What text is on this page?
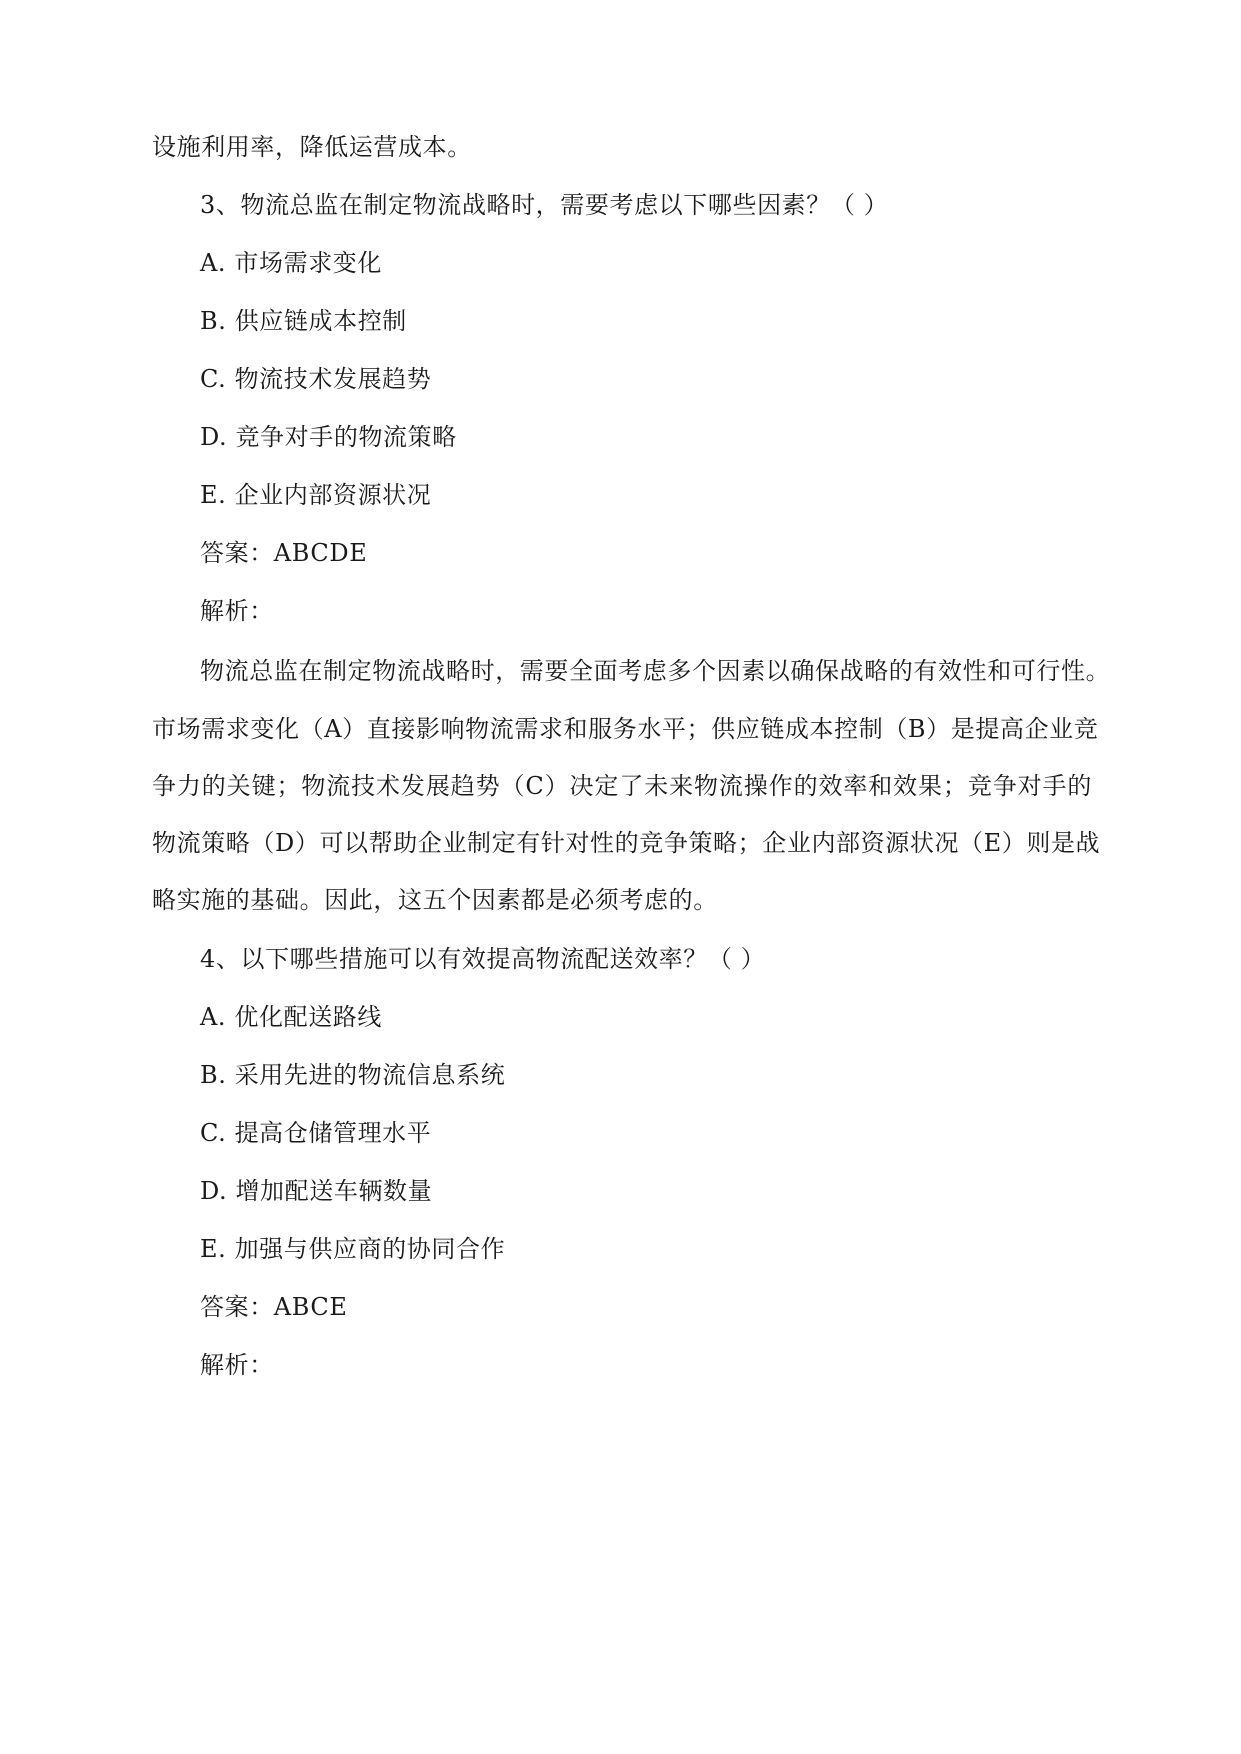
设施利用率，降低运营成本。
3、物流总监在制定物流战略时，需要考虑以下哪些因素？（ ）
A. 市场需求变化
B. 供应链成本控制
C. 物流技术发展趋势
D. 竞争对手的物流策略
E. 企业内部资源状况
答案：ABCDE
解析：
物流总监在制定物流战略时，需要全面考虑多个因素以确保战略的有效性和可行性。
市场需求变化（A）直接影响物流需求和服务水平；供应链成本控制（B）是提高企业竞
争力的关键；物流技术发展趋势（C）决定了未来物流操作的效率和效果；竞争对手的
物流策略（D）可以帮助企业制定有针对性的竞争策略；企业内部资源状况（E）则是战
略实施的基础。因此，这五个因素都是必须考虑的。
4、以下哪些措施可以有效提高物流配送效率？（ ）
A. 优化配送路线
B. 采用先进的物流信息系统
C. 提高仓储管理水平
D. 增加配送车辆数量
E. 加强与供应商的协同合作
答案：ABCE
解析：
